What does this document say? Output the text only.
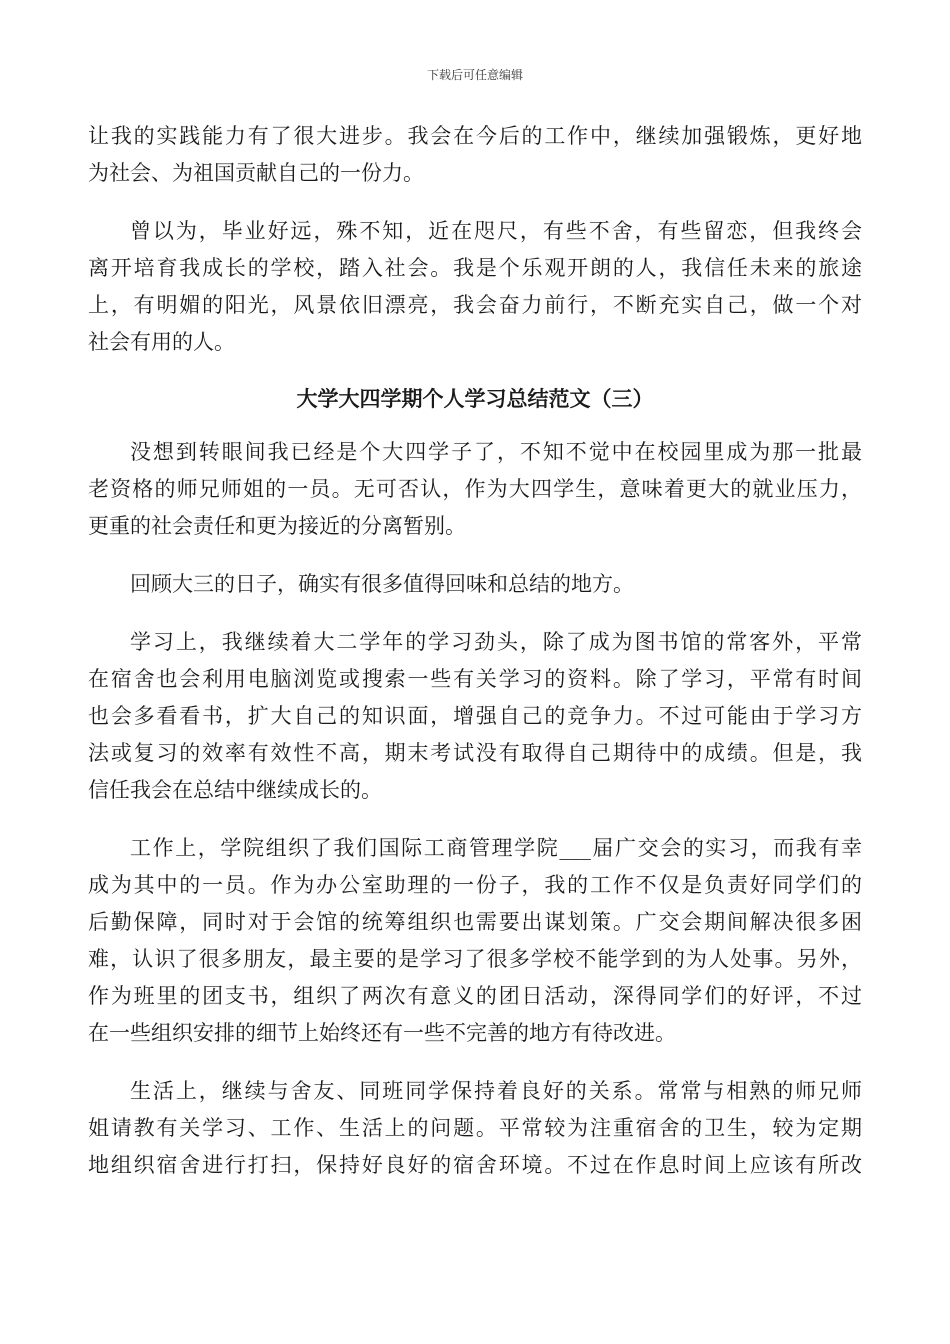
下载后可任意编辑
让我的实践能力有了很大进步。我会在今后的工作中，继续加强锻炼，更好地
为社会、为祖国贡献自己的一份力。
曾以为，毕业好远，殊不知，近在咫尺，有些不舍，有些留恋，但我终会
离开培育我成长的学校，踏入社会。我是个乐观开朗的人，我信任未来的旅途
上，有明媚的阳光，风景依旧漂亮，我会奋力前行，不断充实自己，做一个对
社会有用的人。
大学大四学期个人学习总结范文（三）
没想到转眼间我已经是个大四学子了，不知不觉中在校园里成为那一批最
老资格的师兄师姐的一员。无可否认，作为大四学生，意味着更大的就业压力，
更重的社会责任和更为接近的分离暂别。
回顾大三的日子，确实有很多值得回味和总结的地方。
学习上，我继续着大二学年的学习劲头，除了成为图书馆的常客外，平常
在宿舍也会利用电脑浏览或搜索一些有关学习的资料。除了学习，平常有时间
也会多看看书，扩大自己的知识面，增强自己的竞争力。不过可能由于学习方
法或复习的效率有效性不高，期末考试没有取得自己期待中的成绩。但是，我
信任我会在总结中继续成长的。
工作上，学院组织了我们国际工商管理学院___届广交会的实习，而我有幸
成为其中的一员。作为办公室助理的一份子，我的工作不仅是负责好同学们的
后勤保障，同时对于会馆的统筹组织也需要出谋划策。广交会期间解决很多困
难，认识了很多朋友，最主要的是学习了很多学校不能学到的为人处事。另外，
作为班里的团支书，组织了两次有意义的团日活动，深得同学们的好评，不过
在一些组织安排的细节上始终还有一些不完善的地方有待改进。
生活上，继续与舍友、同班同学保持着良好的关系。常常与相熟的师兄师
姐请教有关学习、工作、生活上的问题。平常较为注重宿舍的卫生，较为定期
地组织宿舍进行打扫，保持好良好的宿舍环境。不过在作息时间上应该有所改
